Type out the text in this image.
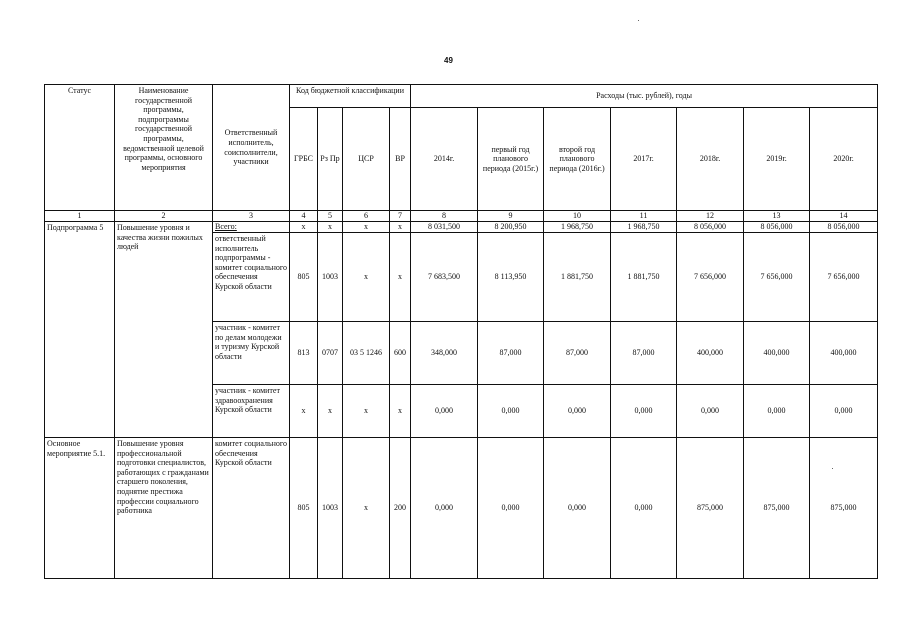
49
Статус	Наименование государственной программы, подпрограммы государственной программы, ведомственной целевой программы, основного мероприятия	Ответственный исполнитель, соисполнители, участники	Код бюджетной классификации				Расходы (тыс. рублей), годы						
			ГРБС	Рз Пр	ЦСР	ВР	2014г.	первый год планового периода (2015г.)	второй год планового периода (2016г.)	2017г.	2018г.	2019г.	2020г.
1	2	3	4	5	6	7	8	9	10	11	12	13	14
Подпрограмма 5	Повышение уровня и качества жизни пожилых людей	Всего:	х	х	х	х	8 031,500	8 200,950	1 968,750	1 968,750	8 056,000	8 056,000	8 056,000
		ответственный исполнитель подпрограммы - комитет социального обеспечения Курской области	805	1003	х	х	7 683,500	8 113,950	1 881,750	1 881,750	7 656,000	7 656,000	7 656,000
		участник - комитет по делам молодежи и туризму Курской области	813	0707	03 5 1246	600	348,000	87,000	87,000	87,000	400,000	400,000	400,000
		участник - комитет здравоохранения Курской области	х	х	х	х	0,000	0,000	0,000	0,000	0,000	0,000	0,000
Основное мероприятие 5.1.	Повышение уровня профессиональной подготовки специалистов, работающих с гражданами старшего поколения, поднятие престижа профессии социального работника	комитет социального обеспечения Курской области	805	1003	х	200	0,000	0,000	0,000	0,000	875,000	875,000	875,000
